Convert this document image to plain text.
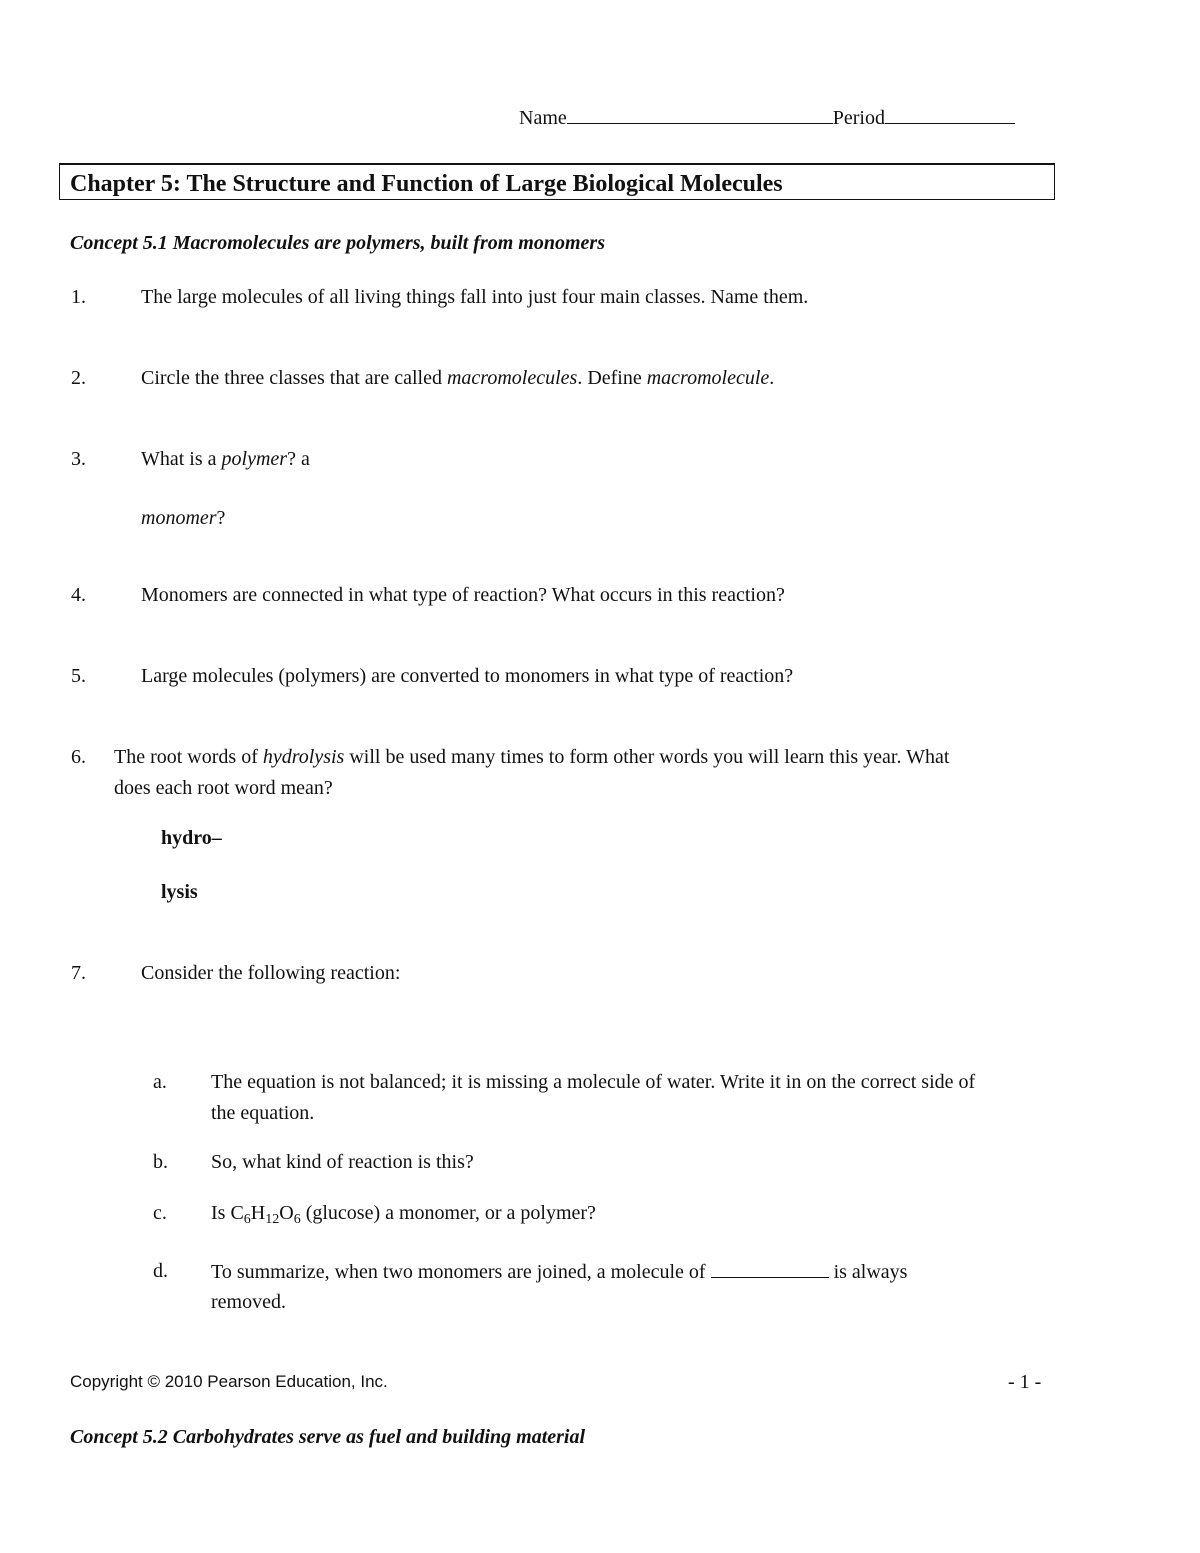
Name	Period
Chapter 5: The Structure and Function of Large Biological Molecules
Concept 5.1 Macromolecules are polymers, built from monomers
1.	The large molecules of all living things fall into just four main classes. Name them.
2.	Circle the three classes that are called macromolecules. Define macromolecule.
3.	What is a polymer? a
monomer?
4.	Monomers are connected in what type of reaction? What occurs in this reaction?
5.	Large molecules (polymers) are converted to monomers in what type of reaction?
6. The root words of hydrolysis will be used many times to form other words you will learn this year. What
does each root word mean?
hydro–
lysis
7.	Consider the following reaction:
a. The equation is not balanced; it is missing a molecule of water. Write it in on the correct side of
the equation.
b. So, what kind of reaction is this?
c. Is $C_6H_{12}O_6$ (glucose) a monomer, or a polymer?
d. To summarize, when two monomers are joined, a molecule of	is always
removed.
Copyright © 2010 Pearson Education, Inc.	- 1 -
Concept 5.2 Carbohydrates serve as fuel and building material
